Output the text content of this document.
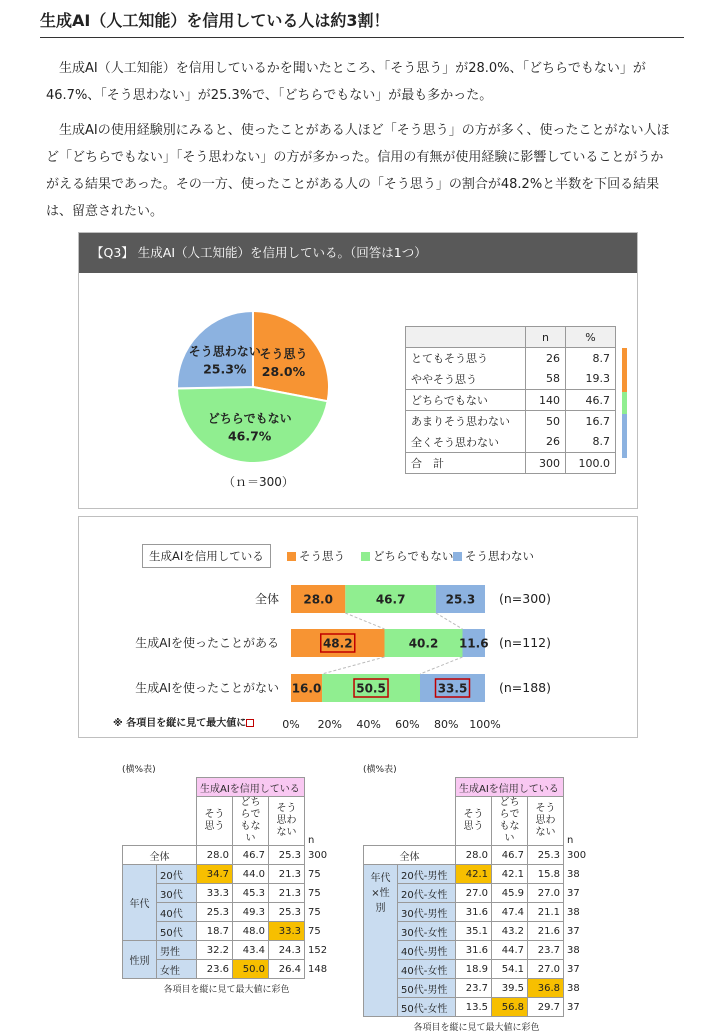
生成AI（人工知能）を信用している人は約3割！
生成AI（人工知能）を信用しているかを聞いたところ、「そう思う」が28.0%、「どちらでもない」が46.7%、「そう思わない」が25.3%で、「どちらでもない」が最も多かった。
生成AIの使用経験別にみると、使ったことがある人ほど「そう思う」の方が多く、使ったことがない人ほど「どちらでもない」「そう思わない」の方が多かった。信用の有無が使用経験に影響していることがうかがえる結果であった。その一方、使ったことがある人の「そう思う」の割合が48.2%と半数を下回る結果は、留意されたい。
【Q3】 生成AI（人工知能）を信用している。（回答は1つ）
そう思う
28.0%
どちらでもない
46.7%
そう思わない
25.3%
（ｎ＝300）
	n	%
とてもそう思う	26	8.7
ややそう思う	58	19.3
どちらでもない	140	46.7
あまりそう思わない	50	16.7
全くそう思わない	26	8.7
合　計	300	100.0
生成AIを信用している	そう思う	どちらでもない	そう思わない
全体 28.0	46.7	25.3 (n=300)
生成AIを使ったことがある	48.2	40.2 11.6 (n=112)
生成AIを使ったことがない 16.0	50.5	33.5	(n=188)
0% 20% 40% 60% 80% 100%
※ 各項目を縦に見て最大値に
(横%表)
		生成AIを信用している			
		そう思う	どちらでもない	そう思わない	n
全体		28.0	46.7	25.3	300
年代	20代	34.7	44.0	21.3	75
	30代	33.3	45.3	21.3	75
	40代	25.3	49.3	25.3	75
	50代	18.7	48.0	33.3	75
性別	男性	32.2	43.4	24.3	152
	女性	23.6	50.0	26.4	148
各項目を縦に見て最大値に彩色
(横%表)
		生成AIを信用している			
		そう思う	どちらでもない	そう思わない	n
全体		28.0	46.7	25.3	300
年代×性別	20代-男性	42.1	42.1	15.8	38
	20代-女性	27.0	45.9	27.0	37
	30代-男性	31.6	47.4	21.1	38
	30代-女性	35.1	43.2	21.6	37
	40代-男性	31.6	44.7	23.7	38
	40代-女性	18.9	54.1	27.0	37
	50代-男性	23.7	39.5	36.8	38
	50代-女性	13.5	56.8	29.7	37
各項目を縦に見て最大値に彩色
